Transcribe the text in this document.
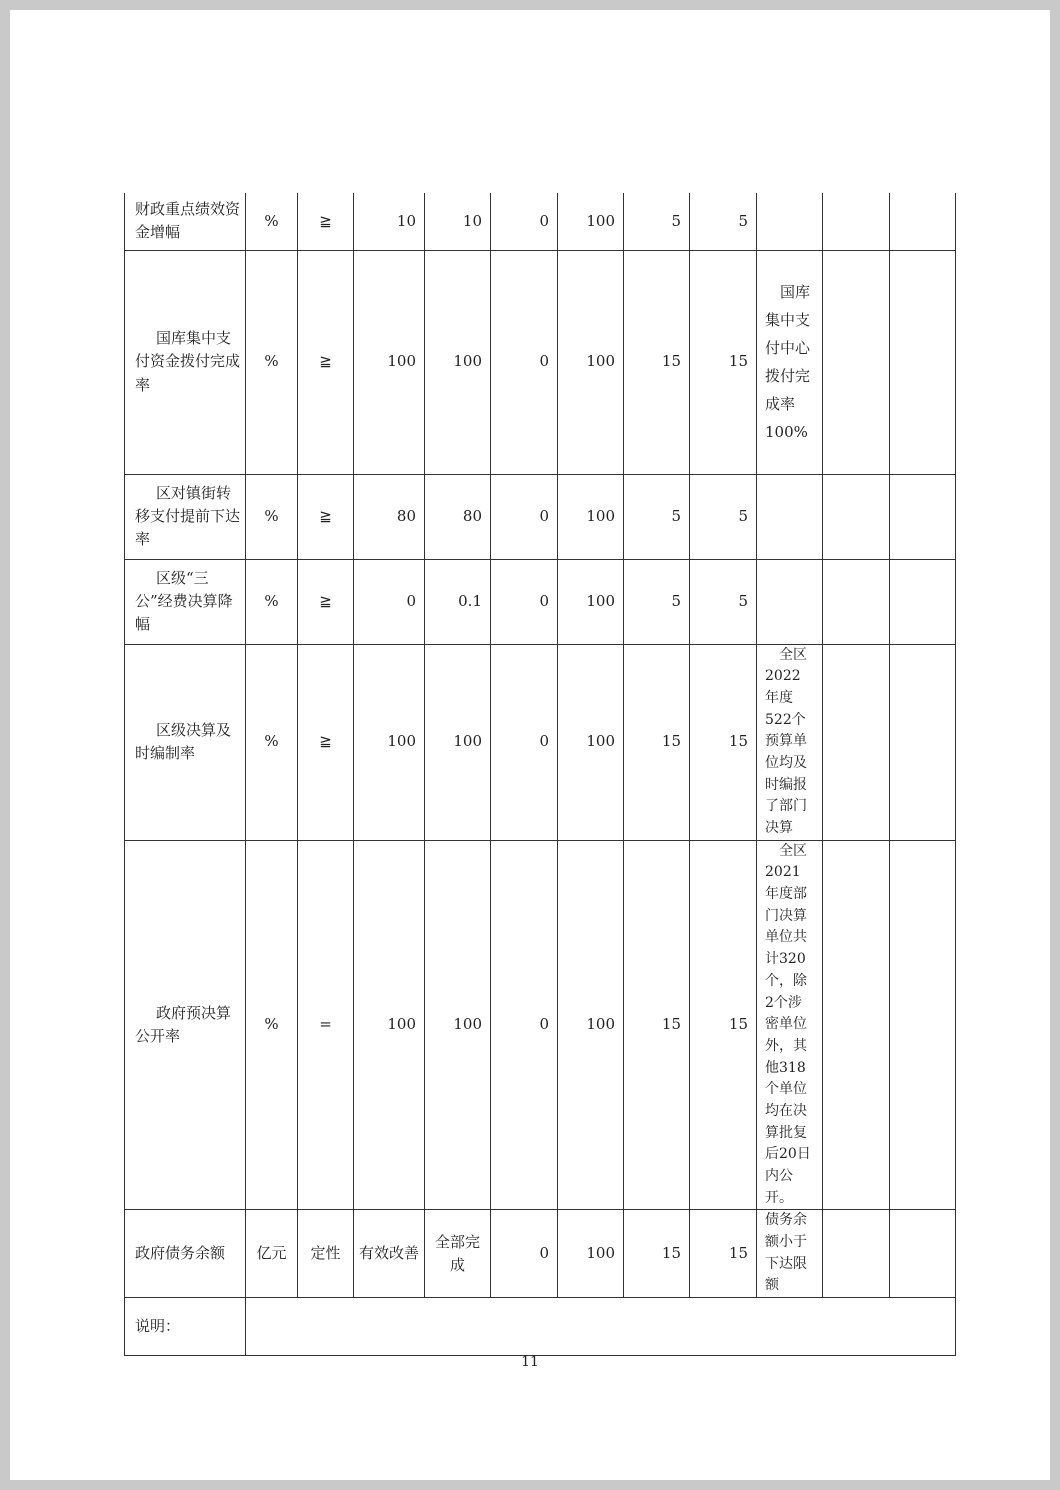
财政重点绩效资金增幅	%	≧	10	10	0	100	5	5			
国库集中支付资金拨付完成率	%	≧	100	100	0	100	15	15	国库集中支付中心拨付完成率100%		

区对镇街转移支付提前下达率	%	≧	80	80	0	100	5	5			
区级“三公”经费决算降幅	%	≧	0	0.1	0	100	5	5			
区级决算及时编制率	%	≧	100	100	0	100	15	15	全区2022年度522个预算单位均及时编报了部门决算		

政府预决算公开率	%	=	100	100	0	100	15	15	全区2021年度部门决算单位共计320个，除2个涉密单位外，其他318个单位均在决算批复后20日内公开。		

政府债务余额	亿元	定性	有效改善	全部完成	0	100	15	15	债务余额小于下达限额		
说明：											
11
